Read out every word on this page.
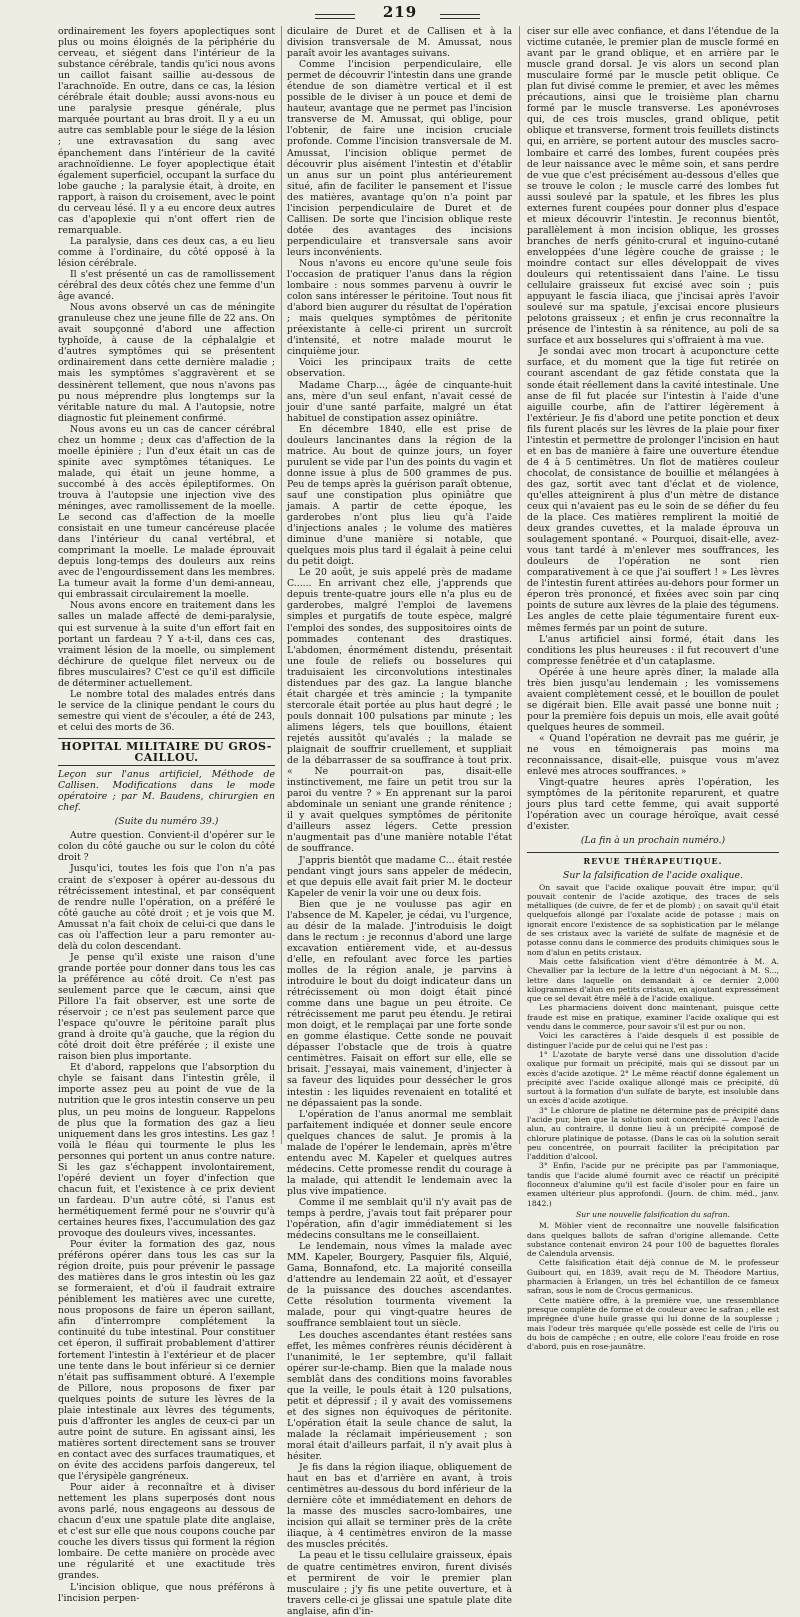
219

ordinairement les foyers apoplectiques sont plus ou moins éloignés de la périphérie du cerveau, et siégent dans l'intérieur de la substance cérébrale, tandis qu'ici nous avons un caillot faisant saillie au-dessous de l'arachnoïde. En outre, dans ce cas, la lésion cérébrale était double; aussi avons-nous eu une paralysie presque générale, plus marquée pourtant au bras droit. Il y a eu un autre cas semblable pour le siége de la lésion ; une extravasation du sang avec épanchement dans l'intérieur de la cavité arachnoïdienne. Le foyer apoplectique était également superficiel, occupant la surface du lobe gauche ; la paralysie était, à droite, en rapport, à raison du croisement, avec le point du cerveau lésé. Il y a eu encore deux autres cas d'apoplexie qui n'ont offert rien de remarquable.

La paralysie, dans ces deux cas, a eu lieu comme à l'ordinaire, du côté opposé à la lésion cérébrale.

Il s'est présenté un cas de ramollissement cérébral des deux côtés chez une femme d'un âge avancé.

Nous avons observé un cas de méningite granuleuse chez une jeune fille de 22 ans. On avait soupçonné d'abord une affection typhoïde, à cause de la céphalalgie et d'autres symptômes qui se présentent ordinairement dans cette dernière maladie ; mais les symptômes s'aggravèrent et se dessinèrent tellement, que nous n'avons pas pu nous méprendre plus longtemps sur la véritable nature du mal. A l'autopsie, notre diagnostic fut pleinement confirmé.

Nous avons eu un cas de cancer cérébral chez un homme ; deux cas d'affection de la moelle épinière ; l'un d'eux était un cas de spinite avec symptômes tétaniques. Le malade, qui était un jeune homme, a succombé à des accès épileptiformes. On trouva à l'autopsie une injection vive des méninges, avec ramollissement de la moelle. Le second cas d'affection de la moelle consistait en une tumeur cancéreuse placée dans l'intérieur du canal vertébral, et comprimant la moelle. Le malade éprouvait depuis long-temps des douleurs aux reins avec de l'engourdissement dans les membres. La tumeur avait la forme d'un demi-anneau, qui embrassait circulairement la moelle.

Nous avons encore en traitement dans les salles un malade affecté de demi-paralysie, qui est survenue à la suite d'un effort fait en portant un fardeau ? Y a-t-il, dans ces cas, vraiment lésion de la moelle, ou simplement déchirure de quelque filet nerveux ou de fibres musculaires? C'est ce qu'il est difficile de déterminer actuellement.

Le nombre total des malades entrés dans le service de la clinique pendant le cours du semestre qui vient de s'écouler, a été de 243, et celui des morts de 36.

HOPITAL MILITAIRE DU GROS-CAILLOU.

Leçon sur l'anus artificiel, Méthode de Callisen. Modifications dans le mode opératoire ; par M. Baudens, chirurgien en chef.

(Suite du numéro 39.)

Autre question. Convient-il d'opérer sur le colon du côté gauche ou sur le colon du côté droit ?

Jusqu'ici, toutes les fois que l'on n'a pas craint de s'exposer à opérer au-dessous du rétrécissement intestinal, et par conséquent de rendre nulle l'opération, on a préféré le côté gauche au côté droit ; et je vois que M. Amussat n'a fait choix de celui-ci que dans le cas où l'affection leur a paru remonter au-delà du colon descendant.

Je pense qu'il existe une raison d'une grande portée pour donner dans tous les cas la préférence au côté droit. Ce n'est pas seulement parce que le cæcum, ainsi que Pillore l'a fait observer, est une sorte de réservoir ; ce n'est pas seulement parce que l'espace qu'ouvre le péritoine paraît plus grand à droite qu'à gauche, que la région du côté droit doit être préférée ; il existe une raison bien plus importante.

Et d'abord, rappelons que l'absorption du chyle se faisant dans l'intestin grêle, il importe assez peu au point de vue de la nutrition que le gros intestin conserve un peu plus, un peu moins de longueur. Rappelons de plus que la formation des gaz a lieu uniquement dans les gros intestins. Les gaz ! voilà le fléau qui tourmente le plus les personnes qui portent un anus contre nature. Si les gaz s'échappent involontairement, l'opéré devient un foyer d'infection que chacun fuit, et l'existence à ce prix devient un fardeau. D'un autre côté, si l'anus est hermétiquement fermé pour ne s'ouvrir qu'à certaines heures fixes, l'accumulation des gaz provoque des douleurs vives, incessantes.

Pour éviter la formation des gaz, nous préférons opérer dans tous les cas sur la région droite, puis pour prévenir le passage des matières dans le gros intestin où les gaz se formeraient, et d'où il faudrait extraire péniblement les matières avec une curette, nous proposons de faire un éperon saillant, afin d'interrompre complétement la continuité du tube intestinal. Pour constituer cet éperon, il suffirait probablement d'attirer fortement l'intestin à l'extérieur et de placer une tente dans le bout inférieur si ce dernier n'était pas suffisamment obturé. A l'exemple de Pillore, nous proposons de fixer par quelques points de suture les lèvres de la plaie intestinale aux lèvres des téguments, puis d'affronter les angles de ceux-ci par un autre point de suture. En agissant ainsi, les matières sortent directement sans se trouver en contact avec des surfaces traumatiques, et on évite des accidens parfois dangereux, tel que l'érysipèle gangréneux.

Pour aider à reconnaître et à diviser nettement les plans superposés dont nous avons parlé, nous engageons au dessous de chacun d'eux une spatule plate dite anglaise, et c'est sur elle que nous coupons couche par couche les divers tissus qui forment la région lombaire. De cette manière on procède avec une régularité et une exactitude très grandes.

L'incision oblique, que nous préférons à l'incision perpen-

diculaire de Duret et de Callisen et à la division transversale de M. Amussat, nous paraît avoir les avantages suivans.

Comme l'incision perpendiculaire, elle permet de découvrir l'intestin dans une grande étendue de son diamètre vertical et il est possible de le diviser à un pouce et demi de hauteur, avantage que ne permet pas l'incision transverse de M. Amussat, qui oblige, pour l'obtenir, de faire une incision cruciale profonde. Comme l'incision transversale de M. Amussat, l'incision oblique permet de découvrir plus aisément l'intestin et d'établir un anus sur un point plus antérieurement situé, afin de faciliter le pansement et l'issue des matières, avantage qu'on n'a point par l'incision perpendiculaire de Duret et de Callisen. De sorte que l'incision oblique reste dotée des avantages des incisions perpendiculaire et transversale sans avoir leurs inconvénients.

Nous n'avons eu encore qu'une seule fois l'occasion de pratiquer l'anus dans la région lombaire : nous sommes parvenu à ouvrir le colon sans intéresser le péritoine. Tout nous fit d'abord bien augurer du résultat de l'opération ; mais quelques symptômes de péritonite préexistante à celle-ci prirent un surcroît d'intensité, et notre malade mourut le cinquième jour.

Voici les principaux traits de cette observation.

Madame Charp..., âgée de cinquante-huit ans, mère d'un seul enfant, n'avait cessé de jouir d'une santé parfaite, malgré un état habituel de constipation assez opiniâtre.

En décembre 1840, elle est prise de douleurs lancinantes dans la région de la matrice. Au bout de quinze jours, un foyer purulent se vide par l'un des points du vagin et donne issue à plus de 500 grammes de pus. Peu de temps après la guérison paraît obtenue, sauf une constipation plus opiniâtre que jamais. A partir de cette époque, les garderobes n'ont plus lieu qu'à l'aide d'injections anales ; le volume des matières diminue d'une manière si notable, que quelques mois plus tard il égalait à peine celui du petit doigt.

Le 20 août, je suis appelé près de madame C...... En arrivant chez elle, j'apprends que depuis trente-quatre jours elle n'a plus eu de garderobes, malgré l'emploi de lavemens simples et purgatifs de toute espèce, malgré l'emploi des sondes, des suppositoires oints de pommades contenant des drastiques. L'abdomen, énormément distendu, présentait une foule de reliefs ou bosselures qui traduisaient les circonvolutions intestinales distendues par des gaz. La langue blanche était chargée et très amincie ; la tympanite stercorale était portée au plus haut degré ; le pouls donnait 100 pulsations par minute ; les alimens légers, tels que bouillons, étaient rejetés aussitôt qu'avalés ; la malade se plaignait de souffrir cruellement, et suppliait de la débarrasser de sa souffrance à tout prix. « Ne pourrait-on pas, disait-elle instinctivement, me faire un petit trou sur la paroi du ventre ? » En apprenant sur la paroi abdominale un seniant une grande rénitence ; il y avait quelques symptômes de péritonite d'ailleurs assez légers. Cette pression n'augmentait pas d'une manière notable l'état de souffrance.

J'appris bientôt que madame C... était restée pendant vingt jours sans appeler de médecin, et que depuis elle avait fait prier M. le docteur Kapeler de venir la voir une ou deux fois.

Bien que je ne voulusse pas agir en l'absence de M. Kapeler, je cédai, vu l'urgence, au désir de la malade. J'introduisis le doigt dans le rectum : je reconnus d'abord une large excavation entièrement vide, et au-dessus d'elle, en refoulant avec force les parties molles de la région anale, je parvins à introduire le bout du doigt indicateur dans un rétrécissement où mon doigt était pincé comme dans une bague un peu étroite. Ce rétrécissement me parut peu étendu. Je retirai mon doigt, et le remplaçai par une forte sonde en gomme élastique. Cette sonde ne pouvait dépasser l'obstacle que de trois à quatre centimètres. Faisait on effort sur elle, elle se brisait. J'essayai, mais vainement, d'injecter à sa faveur des liquides pour dessécher le gros intestin : les liquides revenaient en totalité et ne dépassaient pas la sonde.

L'opération de l'anus anormal me semblait parfaitement indiquée et donner seule encore quelques chances de salut. Je promis à la malade de l'opérer le lendemain, après m'être entendu avec M. Kapeler et quelques autres médecins. Cette promesse rendit du courage à la malade, qui attendit le lendemain avec la plus vive impatience.

Comme il me semblait qu'il n'y avait pas de temps à perdre, j'avais tout fait préparer pour l'opération, afin d'agir immédiatement si les médecins consultans me le conseillaient.

Le lendemain, nous vîmes la malade avec MM. Kapeler, Bourgery, Pasquier fils, Alquié, Gama, Bonnafond, etc. La majorité conseilla d'attendre au lendemain 22 août, et d'essayer de la puissance des douches ascendantes. Cette résolution tourmenta vivement la malade, pour qui vingt-quatre heures de souffrance semblaient tout un siècle.

Les douches ascendantes étant restées sans effet, les mêmes confrères réunis décidèrent à l'unanimité, le 1er septembre, qu'il fallait opérer sur-le-champ. Bien que la malade nous semblât dans des conditions moins favorables que la veille, le pouls était à 120 pulsations, petit et dépressif ; il y avait des vomissemens et des signes non équivoques de péritonite. L'opération était la seule chance de salut, la malade la réclamait impérieusement ; son moral était d'ailleurs parfait, il n'y avait plus à hésiter.

Je fis dans la région iliaque, obliquement de haut en bas et d'arrière en avant, à trois centimètres au-dessous du bord inférieur de la dernière côte et immédiatement en dehors de la masse des muscles sacro-lombaires, une incision qui allait se terminer près de la crête iliaque, à 4 centimètres environ de la masse des muscles précités.

La peau et le tissu cellulaire graisseux, épais de quatre centimètres environ, furent divisés et permirent de voir le premier plan musculaire ; j'y fis une petite ouverture, et à travers celle-ci je glissai une spatule plate dite anglaise, afin d'in-

ciser sur elle avec confiance, et dans l'étendue de la victime cutanée, le premier plan de muscle formé en avant par le grand oblique, et en arrière par le muscle grand dorsal. Je vis alors un second plan musculaire formé par le muscle petit oblique. Ce plan fut divisé comme le premier, et avec les mêmes précautions, ainsi que le troisième plan charnu formé par le muscle transverse. Les aponévroses qui, de ces trois muscles, grand oblique, petit oblique et transverse, forment trois feuillets distincts qui, en arrière, se portent autour des muscles sacro-lombaire et carré des lombes, furent coupées près de leur naissance avec le même soin, et sans perdre de vue que c'est précisément au-dessous d'elles que se trouve le colon ; le muscle carré des lombes fut aussi soulevé par la spatule, et les fibres les plus externes furent coupées pour donner plus d'espace et mieux découvrir l'intestin. Je reconnus bientôt, parallèlement à mon incision oblique, les grosses branches de nerfs génito-crural et inguino-cutané enveloppées d'une légère couche de graisse ; le moindre contact sur elles développait de vives douleurs qui retentissaient dans l'aine. Le tissu cellulaire graisseux fut excisé avec soin ; puis appuyant le fascia iliaca, que j'incisai après l'avoir soulevé sur ma spatule, j'excisai encore plusieurs pelotons graisseux ; et enfin je crus reconnaître la présence de l'intestin à sa rénitence, au poli de sa surface et aux bosselures qui s'offraient à ma vue.

Je sondai avec mon trocart à acuponcture cette surface, et du moment que la tige fut retirée on courant ascendant de gaz fétide constata que la sonde était réellement dans la cavité intestinale. Une anse de fil fut placée sur l'intestin à l'aide d'une aiguille courbe, afin de l'attirer légèrement à l'extérieur. Je fis d'abord une petite ponction et deux fils furent placés sur les lèvres de la plaie pour fixer l'intestin et permettre de prolonger l'incision en haut et en bas de manière à faire une ouverture étendue de 4 à 5 centimètres. Un flot de matières couleur chocolat, de consistance de bouillie et mélangées à des gaz, sortit avec tant d'éclat et de violence, qu'elles atteignirent à plus d'un mètre de distance ceux qui n'avaient pas eu le soin de se défier du feu de la place. Ces matières remplirent la moitié de deux grandes cuvettes, et la malade éprouva un soulagement spontané. « Pourquoi, disait-elle, avez-vous tant tardé à m'enlever mes souffrances, les douleurs de l'opération ne sont rien comparativement à ce que j'ai souffert ! » Les lèvres de l'intestin furent attirées au-dehors pour former un éperon très prononcé, et fixées avec soin par cinq points de suture aux lèvres de la plaie des tégumens. Les angles de cette plaie tégumentaire furent eux-mêmes fermés par un point de suture.

L'anus artificiel ainsi formé, était dans les conditions les plus heureuses : il fut recouvert d'une compresse fenêtrée et d'un cataplasme.

Opérée à une heure après dîner, la malade alla très bien jusqu'au lendemain ; les vomissemens avaient complètement cessé, et le bouillon de poulet se digérait bien. Elle avait passé une bonne nuit ; pour la première fois depuis un mois, elle avait goûté quelques heures de sommeil.

« Quand l'opération ne devrait pas me guérir, je ne vous en témoignerais pas moins ma reconnaissance, disait-elle, puisque vous m'avez enlevé mes atroces souffrances. »

Vingt-quatre heures après l'opération, les symptômes de la péritonite reparurent, et quatre jours plus tard cette femme, qui avait supporté l'opération avec un courage héroïque, avait cessé d'exister.

(La fin à un prochain numéro.)

REVUE THÉRAPEUTIQUE.

Sur la falsification de l'acide oxalique.

On savait que l'acide oxalique pouvait être impur, qu'il pouvait contenir de l'acide azotique, des traces de sels métalliques (de cuivre, de fer et de plomb) ; on savait qu'il était quelquefois allongé par l'oxalate acide de potasse ; mais on ignorait encore l'existence de sa sophistication par le mélange de ses cristaux avec la variété de sulfate de magnésie et de potasse connu dans le commerce des produits chimiques sous le nom d'alun en petits cristaux.

Mais cette falsification vient d'être démontrée à M. A. Chevallier par la lecture de la lettre d'un négociant à M. S..., lettre dans laquelle on demandait à ce dernier 2,000 kilogrammes d'alun en petits cristaux, en ajoutant expressément que ce sel devait être mêlé à de l'acide oxalique.

Les pharmaciens doivent donc maintenant, puisque cette fraude est mise en pratique, examiner l'acide oxalique qui est vendu dans le commerce, pour savoir s'il est pur ou non.

Voici les caractères à l'aide desquels il est possible de distinguer l'acide pur de celui qui ne l'est pas :

1° L'azotate de baryte versé dans une dissolution d'acide oxalique pur formait un précipité, mais qui se dissout par un excès d'acide azotique. 2° Le même réactif donne également un précipité avec l'acide oxalique allongé mais ce précipité, dû surtout à la formation d'un sulfate de baryte, est insoluble dans un excès d'acide azotique.

3° Le chlorure de platine ne détermine pas de précipité dans l'acide pur, bien que la solution soit concentrée. — Avec l'acide alun, au contraire, il donne lieu à un précipité composé de chlorure platinique de potasse. (Dans le cas où la solution serait peu concentrée, on pourrait faciliter la précipitation par l'addition d'alcool.

3° Enfin, l'acide pur ne précipite pas par l'ammoniaque, tandis que l'acide alumé fournit avec ce réactif un précipité floconneux d'alumine qu'il est facile d'isoler pour en faire un examen ultérieur plus approfondi. (Journ. de chim. méd., janv. 1842.)

Sur une nouvelle falsification du safran.

M. Möhler vient de reconnaître une nouvelle falsification dans quelques ballots de safran d'origine allemande. Cette substance contenait environ 24 pour 100 de baguettes florales de Calendula arvensis.

Cette falsification était déjà connue de M. le professeur Guibourt qui, en 1839, avait reçu de M. Théodore Martius, pharmacien à Erlangen, un très bel échantillon de ce fameux safran, sous le nom de Crocus germanicus.

Cette matière offre, à la première vue, une ressemblance presque complète de forme et de couleur avec le safran ; elle est imprégnée d'une huile grasse qui lui donne de la souplesse ; mais l'odeur très marquée qu'elle possède est celle de l'iris ou du bois de campêche ; en outre, elle colore l'eau froide en rose d'abord, puis en rose-jaunâtre.
